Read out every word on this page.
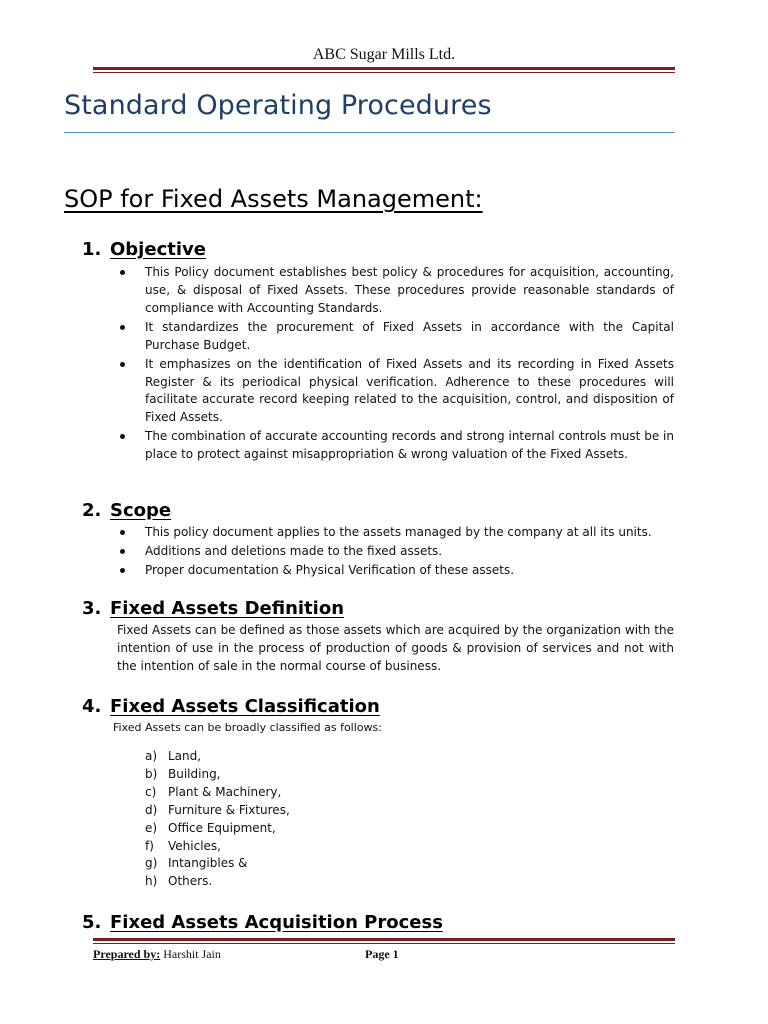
ABC Sugar Mills Ltd.
Standard Operating Procedures
SOP for Fixed Assets Management:
1. Objective
This Policy document establishes best policy & procedures for acquisition, accounting, use, & disposal of Fixed Assets. These procedures provide reasonable standards of compliance with Accounting Standards.
It standardizes the procurement of Fixed Assets in accordance with the Capital Purchase Budget.
It emphasizes on the identification of Fixed Assets and its recording in Fixed Assets Register & its periodical physical verification. Adherence to these procedures will facilitate accurate record keeping related to the acquisition, control, and disposition of Fixed Assets.
The combination of accurate accounting records and strong internal controls must be in place to protect against misappropriation & wrong valuation of the Fixed Assets.
2. Scope
This policy document applies to the assets managed by the company at all its units.
Additions and deletions made to the fixed assets.
Proper documentation & Physical Verification of these assets.
3. Fixed Assets Definition
Fixed Assets can be defined as those assets which are acquired by the organization with the intention of use in the process of production of goods & provision of services and not with the intention of sale in the normal course of business.
4. Fixed Assets Classification
Fixed Assets can be broadly classified as follows:
a) Land,
b) Building,
c) Plant & Machinery,
d) Furniture & Fixtures,
e) Office Equipment,
f) Vehicles,
g) Intangibles &
h) Others.
5. Fixed Assets Acquisition Process
Prepared by: Harshit Jain	Page 1
